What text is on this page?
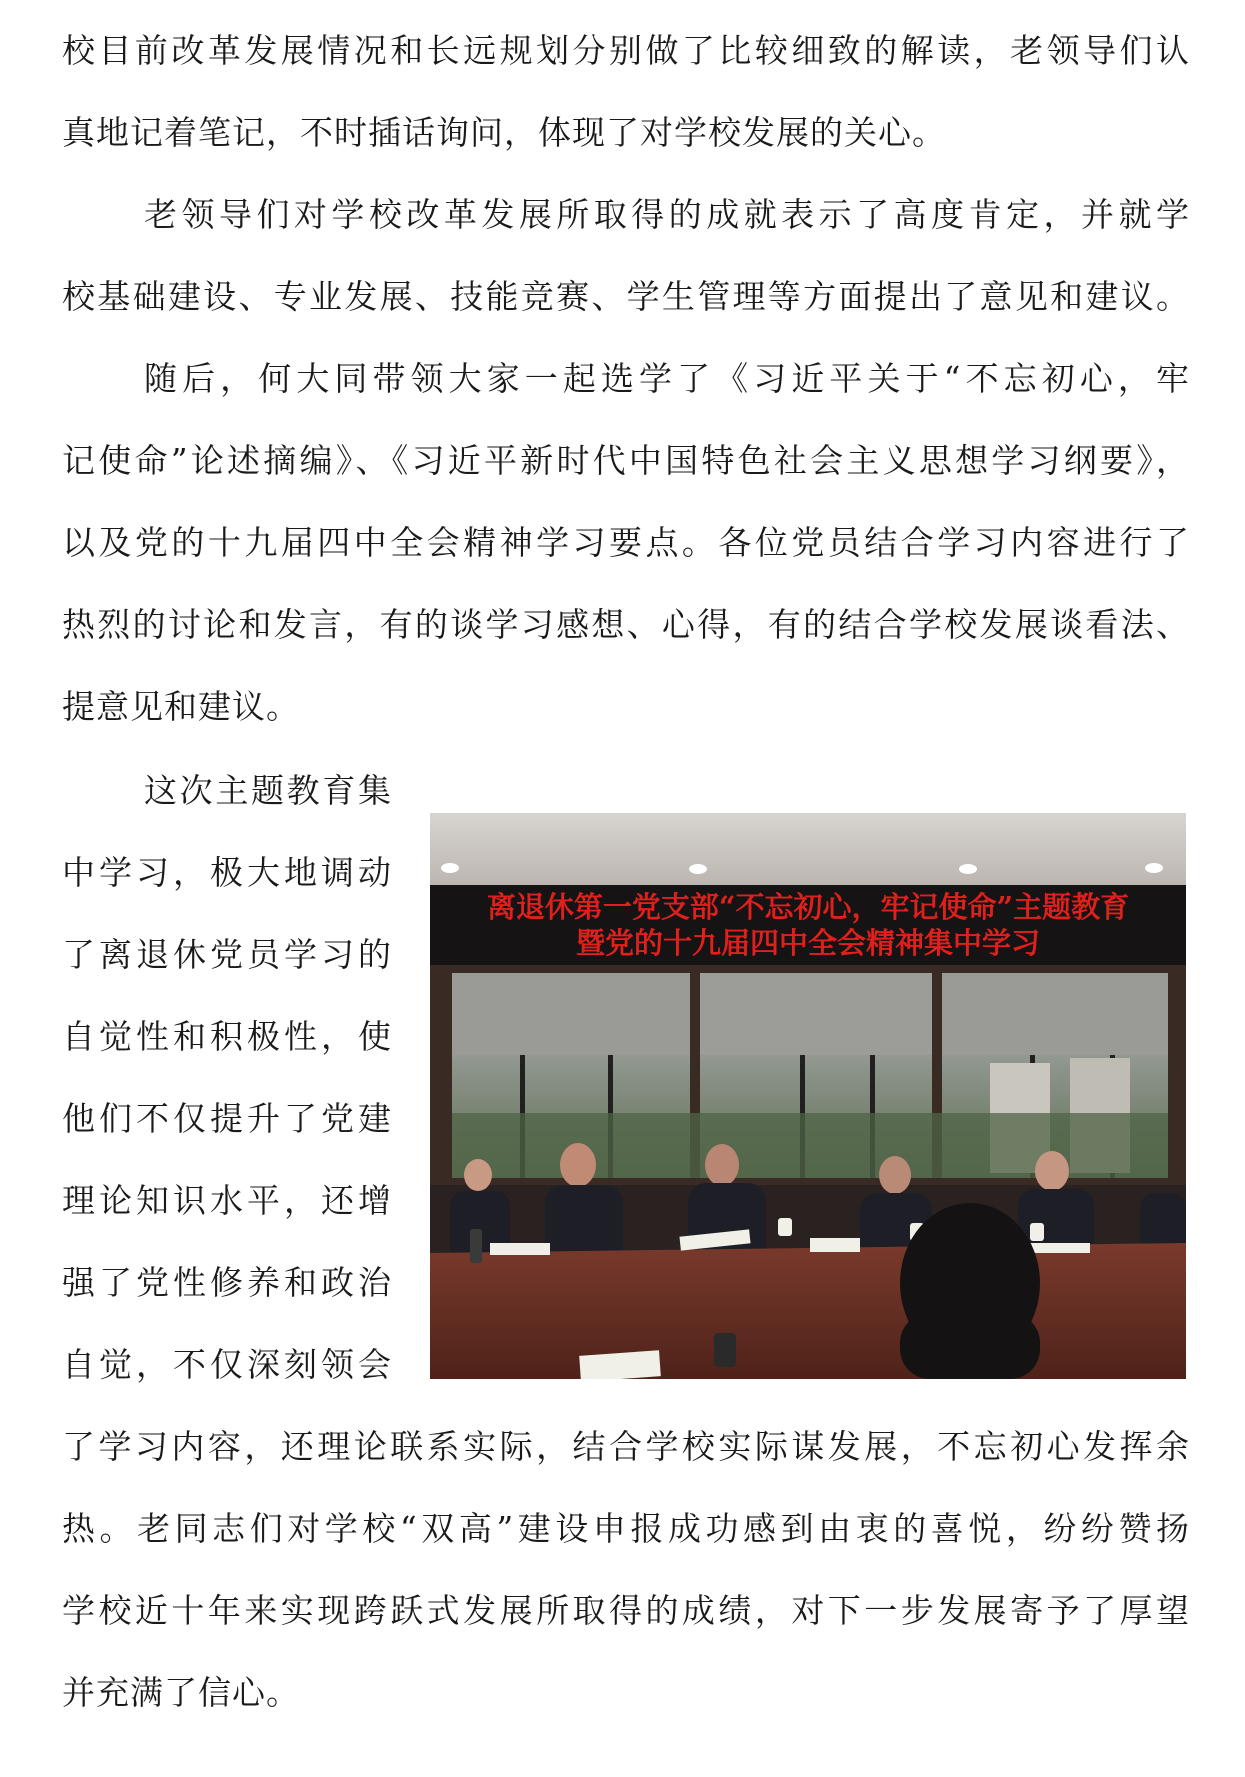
校目前改革发展情况和长远规划分别做了比较细致的解读，老领导们认
真地记着笔记，不时插话询问，体现了对学校发展的关心。
老领导们对学校改革发展所取得的成就表示了高度肯定，并就学
校基础建设、专业发展、技能竞赛、学生管理等方面提出了意见和建议。
随后，何大同带领大家一起选学了《习近平关于“不忘初心，牢
记使命”论述摘编》、《习近平新时代中国特色社会主义思想学习纲要》，
以及党的十九届四中全会精神学习要点。各位党员结合学习内容进行了
热烈的讨论和发言，有的谈学习感想、心得，有的结合学校发展谈看法、
提意见和建议。
这次主题教育集
中学习，极大地调动
了离退休党员学习的
自觉性和积极性，使
他们不仅提升了党建
理论知识水平，还增
强了党性修养和政治
自觉，不仅深刻领会
了学习内容，还理论联系实际，结合学校实际谋发展，不忘初心发挥余
热。老同志们对学校“双高”建设申报成功感到由衷的喜悦，纷纷赞扬
学校近十年来实现跨跃式发展所取得的成绩，对下一步发展寄予了厚望
并充满了信心。
离退休第一党支部“不忘初心，牢记使命”主题教育
暨党的十九届四中全会精神集中学习
